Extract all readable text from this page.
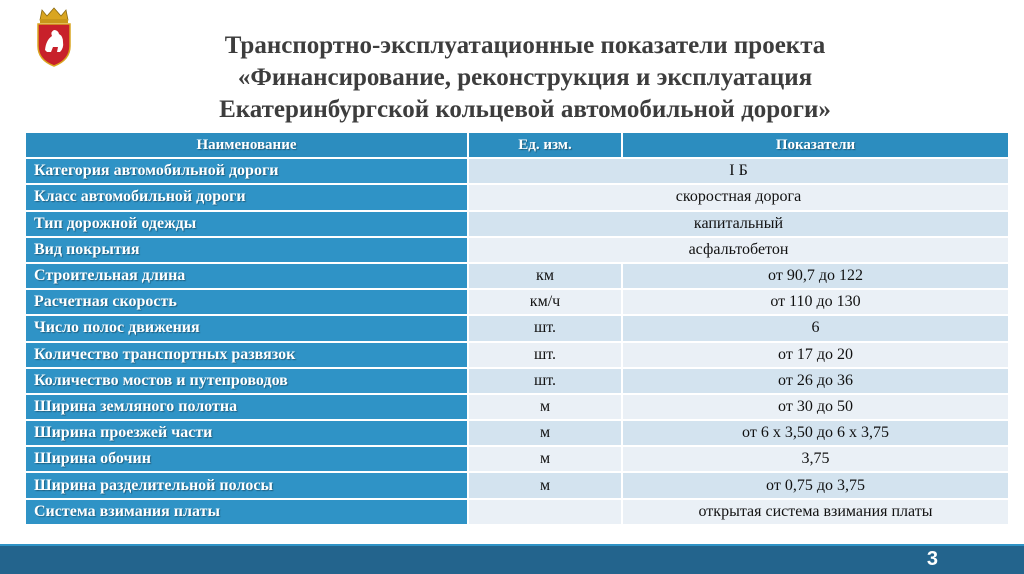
Транспортно-эксплуатационные показатели проекта
«Финансирование, реконструкция и эксплуатация
Екатеринбургской кольцевой автомобильной дороги»
Наименование	Ед. изм.	Показатели
Категория автомобильной дороги	I Б	
Класс автомобильной дороги	скоростная дорога	
Тип дорожной одежды	капитальный	
Вид покрытия	асфальтобетон	
Строительная длина	км	от 90,7 до 122
Расчетная скорость	км/ч	от 110 до 130
Число полос движения	шт.	6
Количество транспортных развязок	шт.	от 17 до 20
Количество мостов и путепроводов	шт.	от 26 до 36
Ширина земляного полотна	м	от 30 до 50
Ширина проезжей части	м	от 6 х 3,50 до 6 х 3,75
Ширина обочин	м	3,75
Ширина разделительной полосы	м	от 0,75 до 3,75
Система взимания платы		открытая система взимания платы
3
